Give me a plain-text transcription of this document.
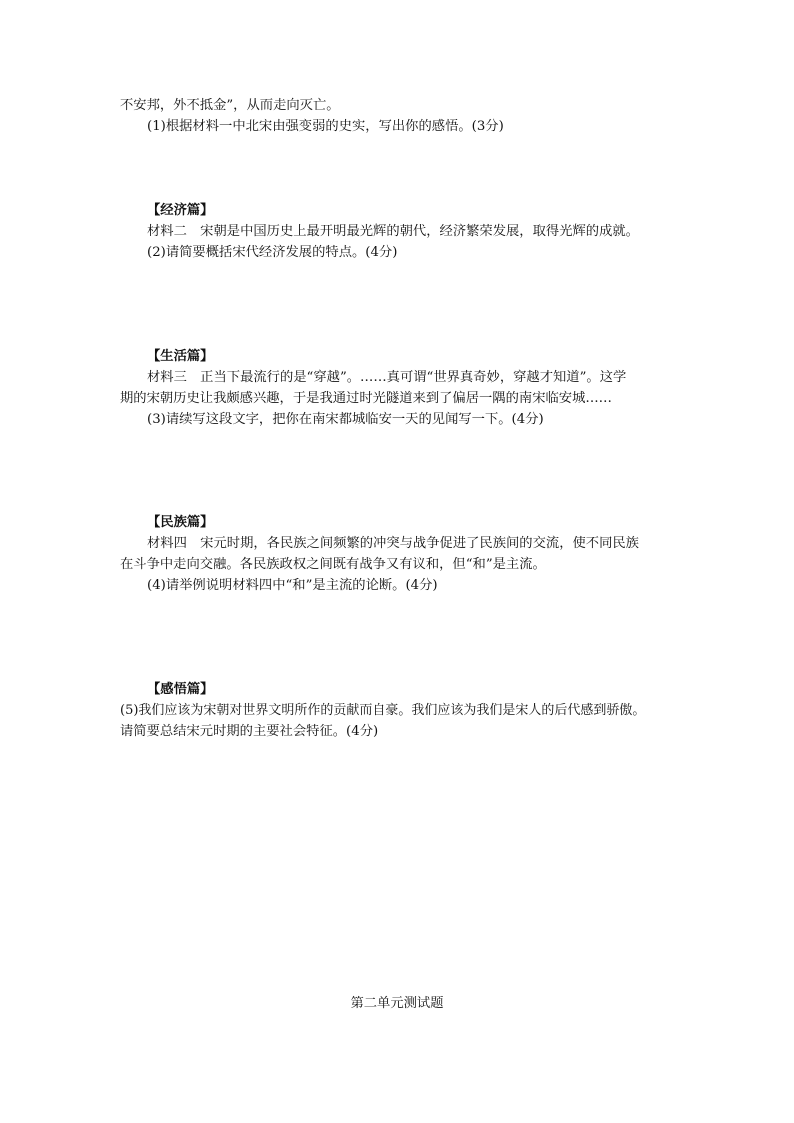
不安邦，外不抵金”，从而走向灭亡。
(1)根据材料一中北宋由强变弱的史实，写出你的感悟。(3分)
【经济篇】
材料二　宋朝是中国历史上最开明最光辉的朝代，经济繁荣发展，取得光辉的成就。
(2)请简要概括宋代经济发展的特点。(4分)
【生活篇】
材料三　正当下最流行的是“穿越”。……真可谓“世界真奇妙，穿越才知道”。这学
期的宋朝历史让我颇感兴趣，于是我通过时光隧道来到了偏居一隅的南宋临安城……
(3)请续写这段文字，把你在南宋都城临安一天的见闻写一下。(4分)
【民族篇】
材料四　宋元时期，各民族之间频繁的冲突与战争促进了民族间的交流，使不同民族
在斗争中走向交融。各民族政权之间既有战争又有议和，但“和”是主流。
(4)请举例说明材料四中“和”是主流的论断。(4分)
【感悟篇】
(5)我们应该为宋朝对世界文明所作的贡献而自豪。我们应该为我们是宋人的后代感到骄傲。
请简要总结宋元时期的主要社会特征。(4分)
第二单元测试题
